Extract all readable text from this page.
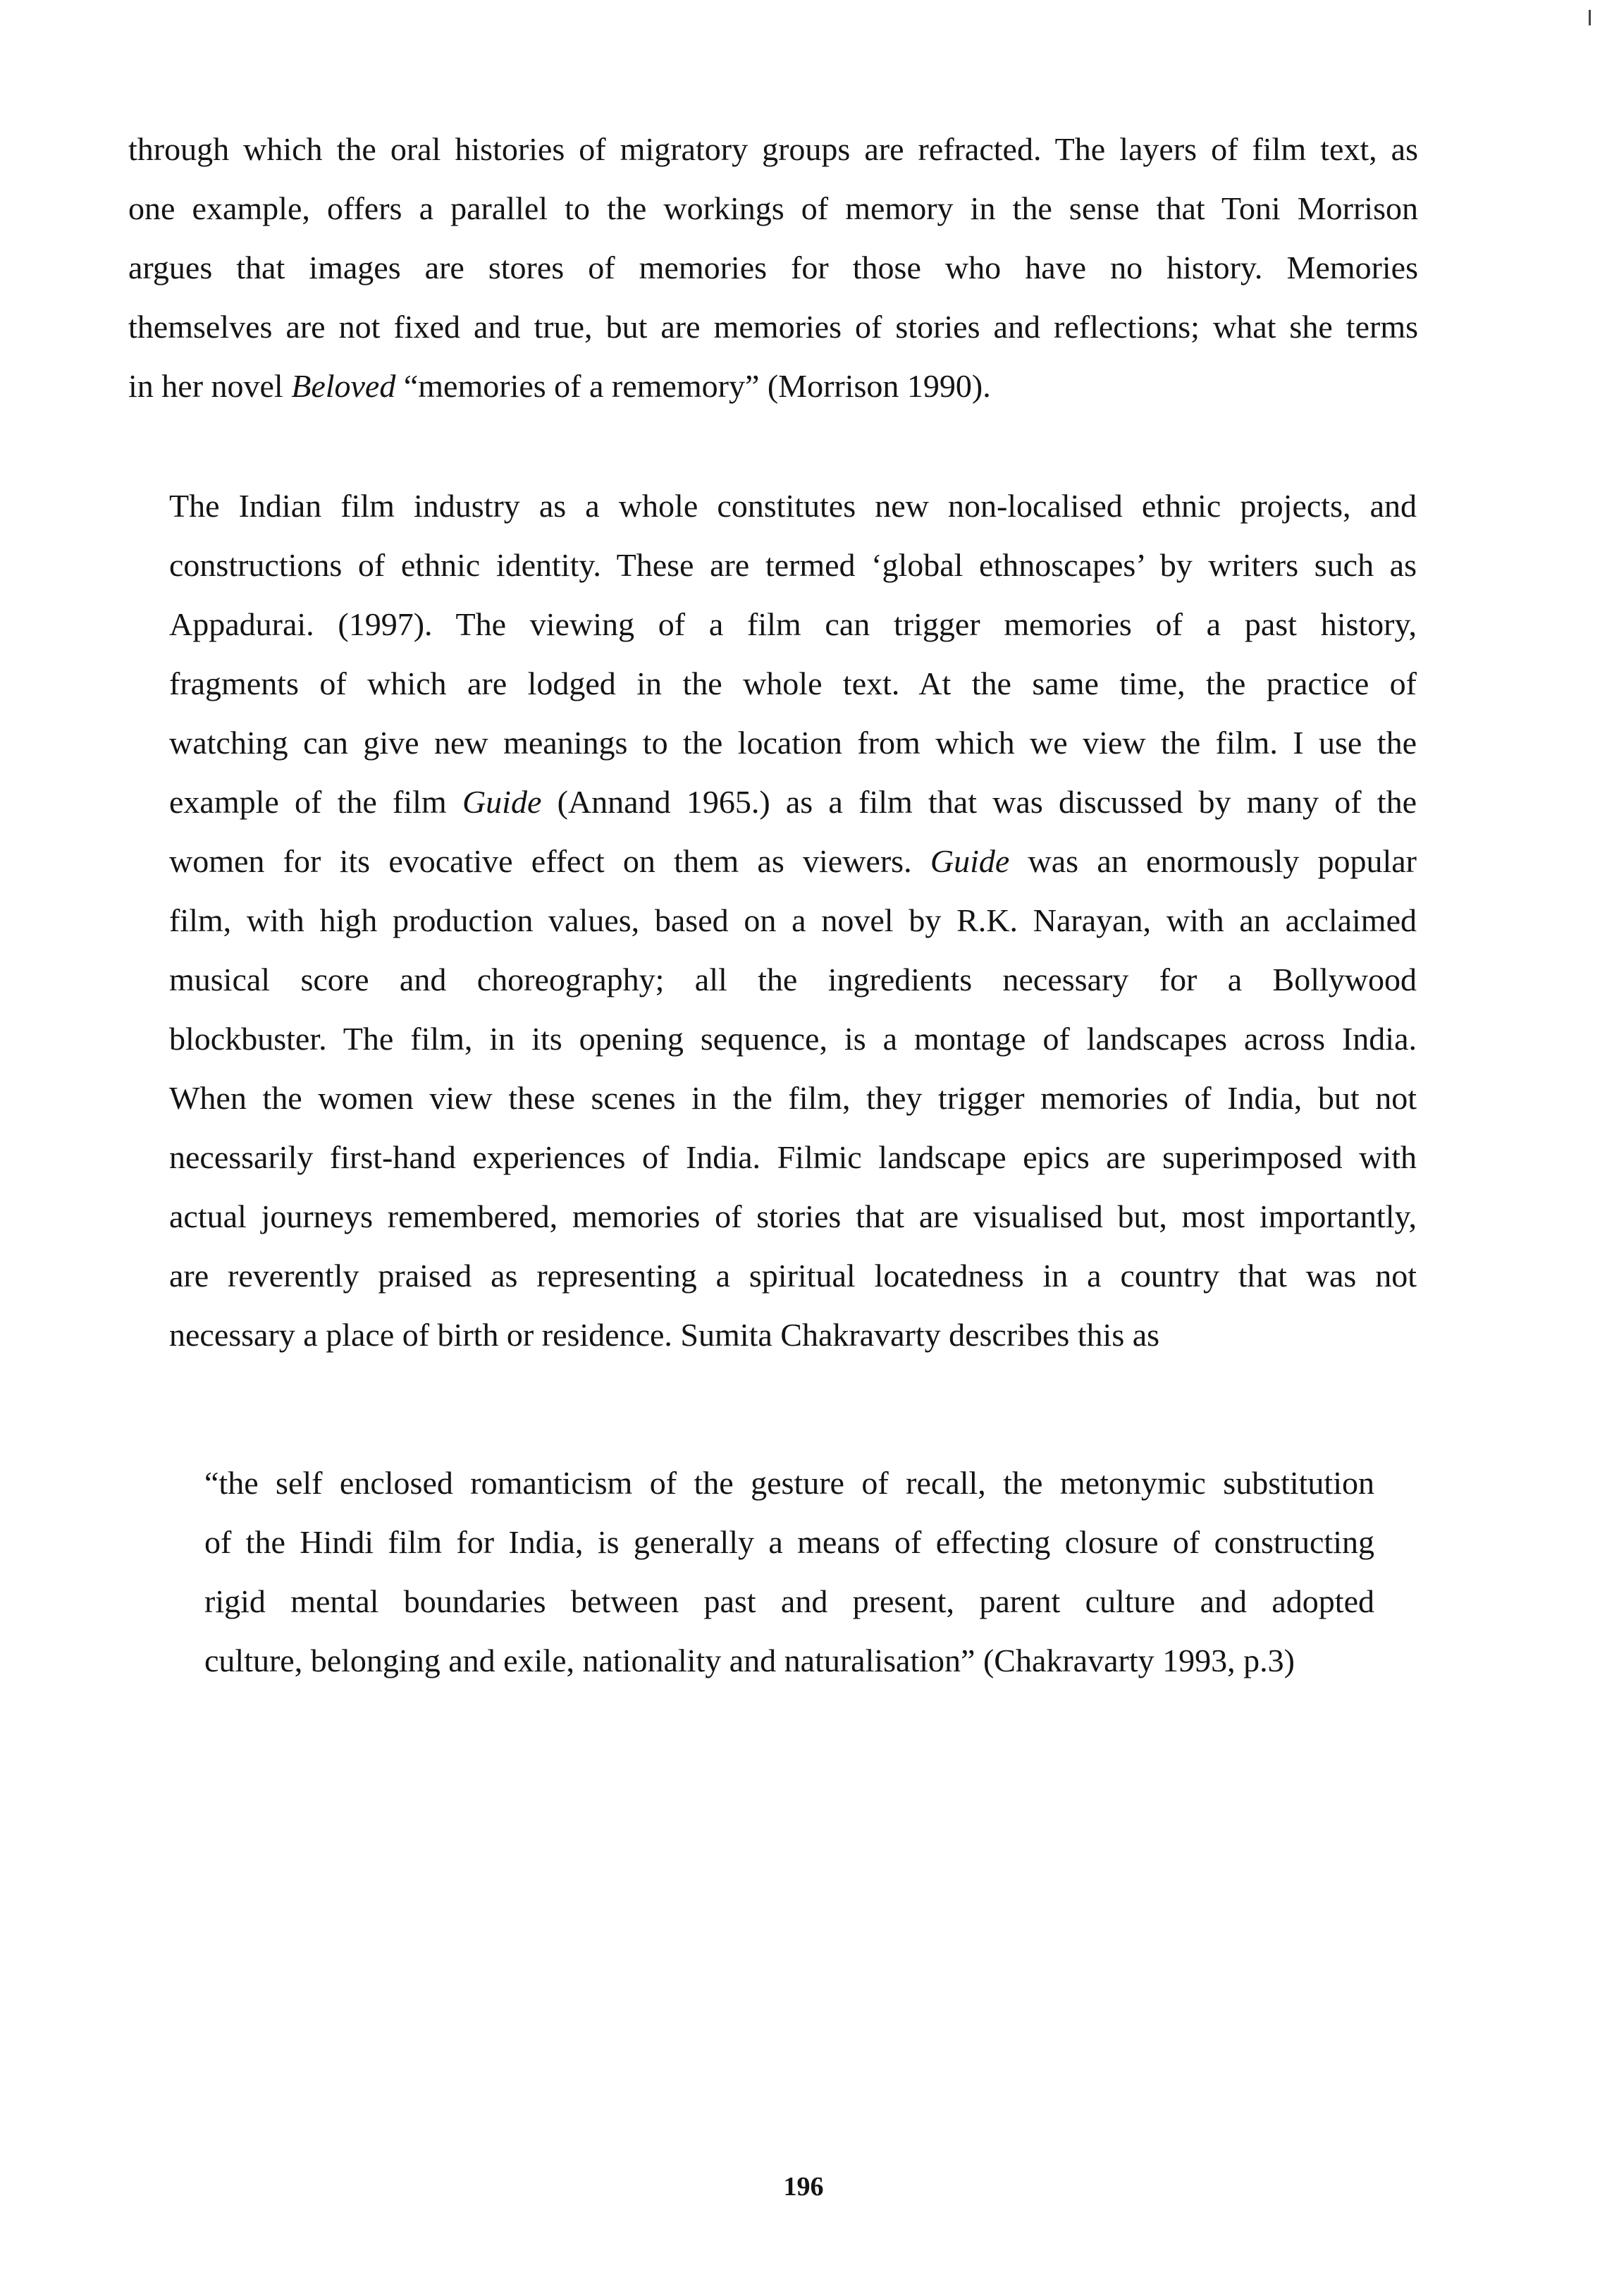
through which the oral histories of migratory groups are refracted. The layers of film text, as
one example, offers a parallel to the workings of memory in the sense that Toni Morrison
argues that images are stores of memories for those who have no history. Memories
themselves are not fixed and true, but are memories of stories and reflections; what she terms
in her novel Beloved “memories of a rememory” (Morrison 1990).
The Indian film industry as a whole constitutes new non-localised ethnic projects, and
constructions of ethnic identity. These are termed ‘global ethnoscapes’ by writers such as
Appadurai. (1997). The viewing of a film can trigger memories of a past history,
fragments of which are lodged in the whole text. At the same time, the practice of
watching can give new meanings to the location from which we view the film. I use the
example of the film Guide (Annand 1965.) as a film that was discussed by many of the
women for its evocative effect on them as viewers. Guide was an enormously popular
film, with high production values, based on a novel by R.K. Narayan, with an acclaimed
musical score and choreography; all the ingredients necessary for a Bollywood
blockbuster. The film, in its opening sequence, is a montage of landscapes across India.
When the women view these scenes in the film, they trigger memories of India, but not
necessarily first-hand experiences of India. Filmic landscape epics are superimposed with
actual journeys remembered, memories of stories that are visualised but, most importantly,
are reverently praised as representing a spiritual locatedness in a country that was not
necessary a place of birth or residence. Sumita Chakravarty describes this as
“the self enclosed romanticism of the gesture of recall, the metonymic substitution
of the Hindi film for India, is generally a means of effecting closure of constructing
rigid mental boundaries between past and present, parent culture and adopted
culture, belonging and exile, nationality and naturalisation” (Chakravarty 1993, p.3)
196
